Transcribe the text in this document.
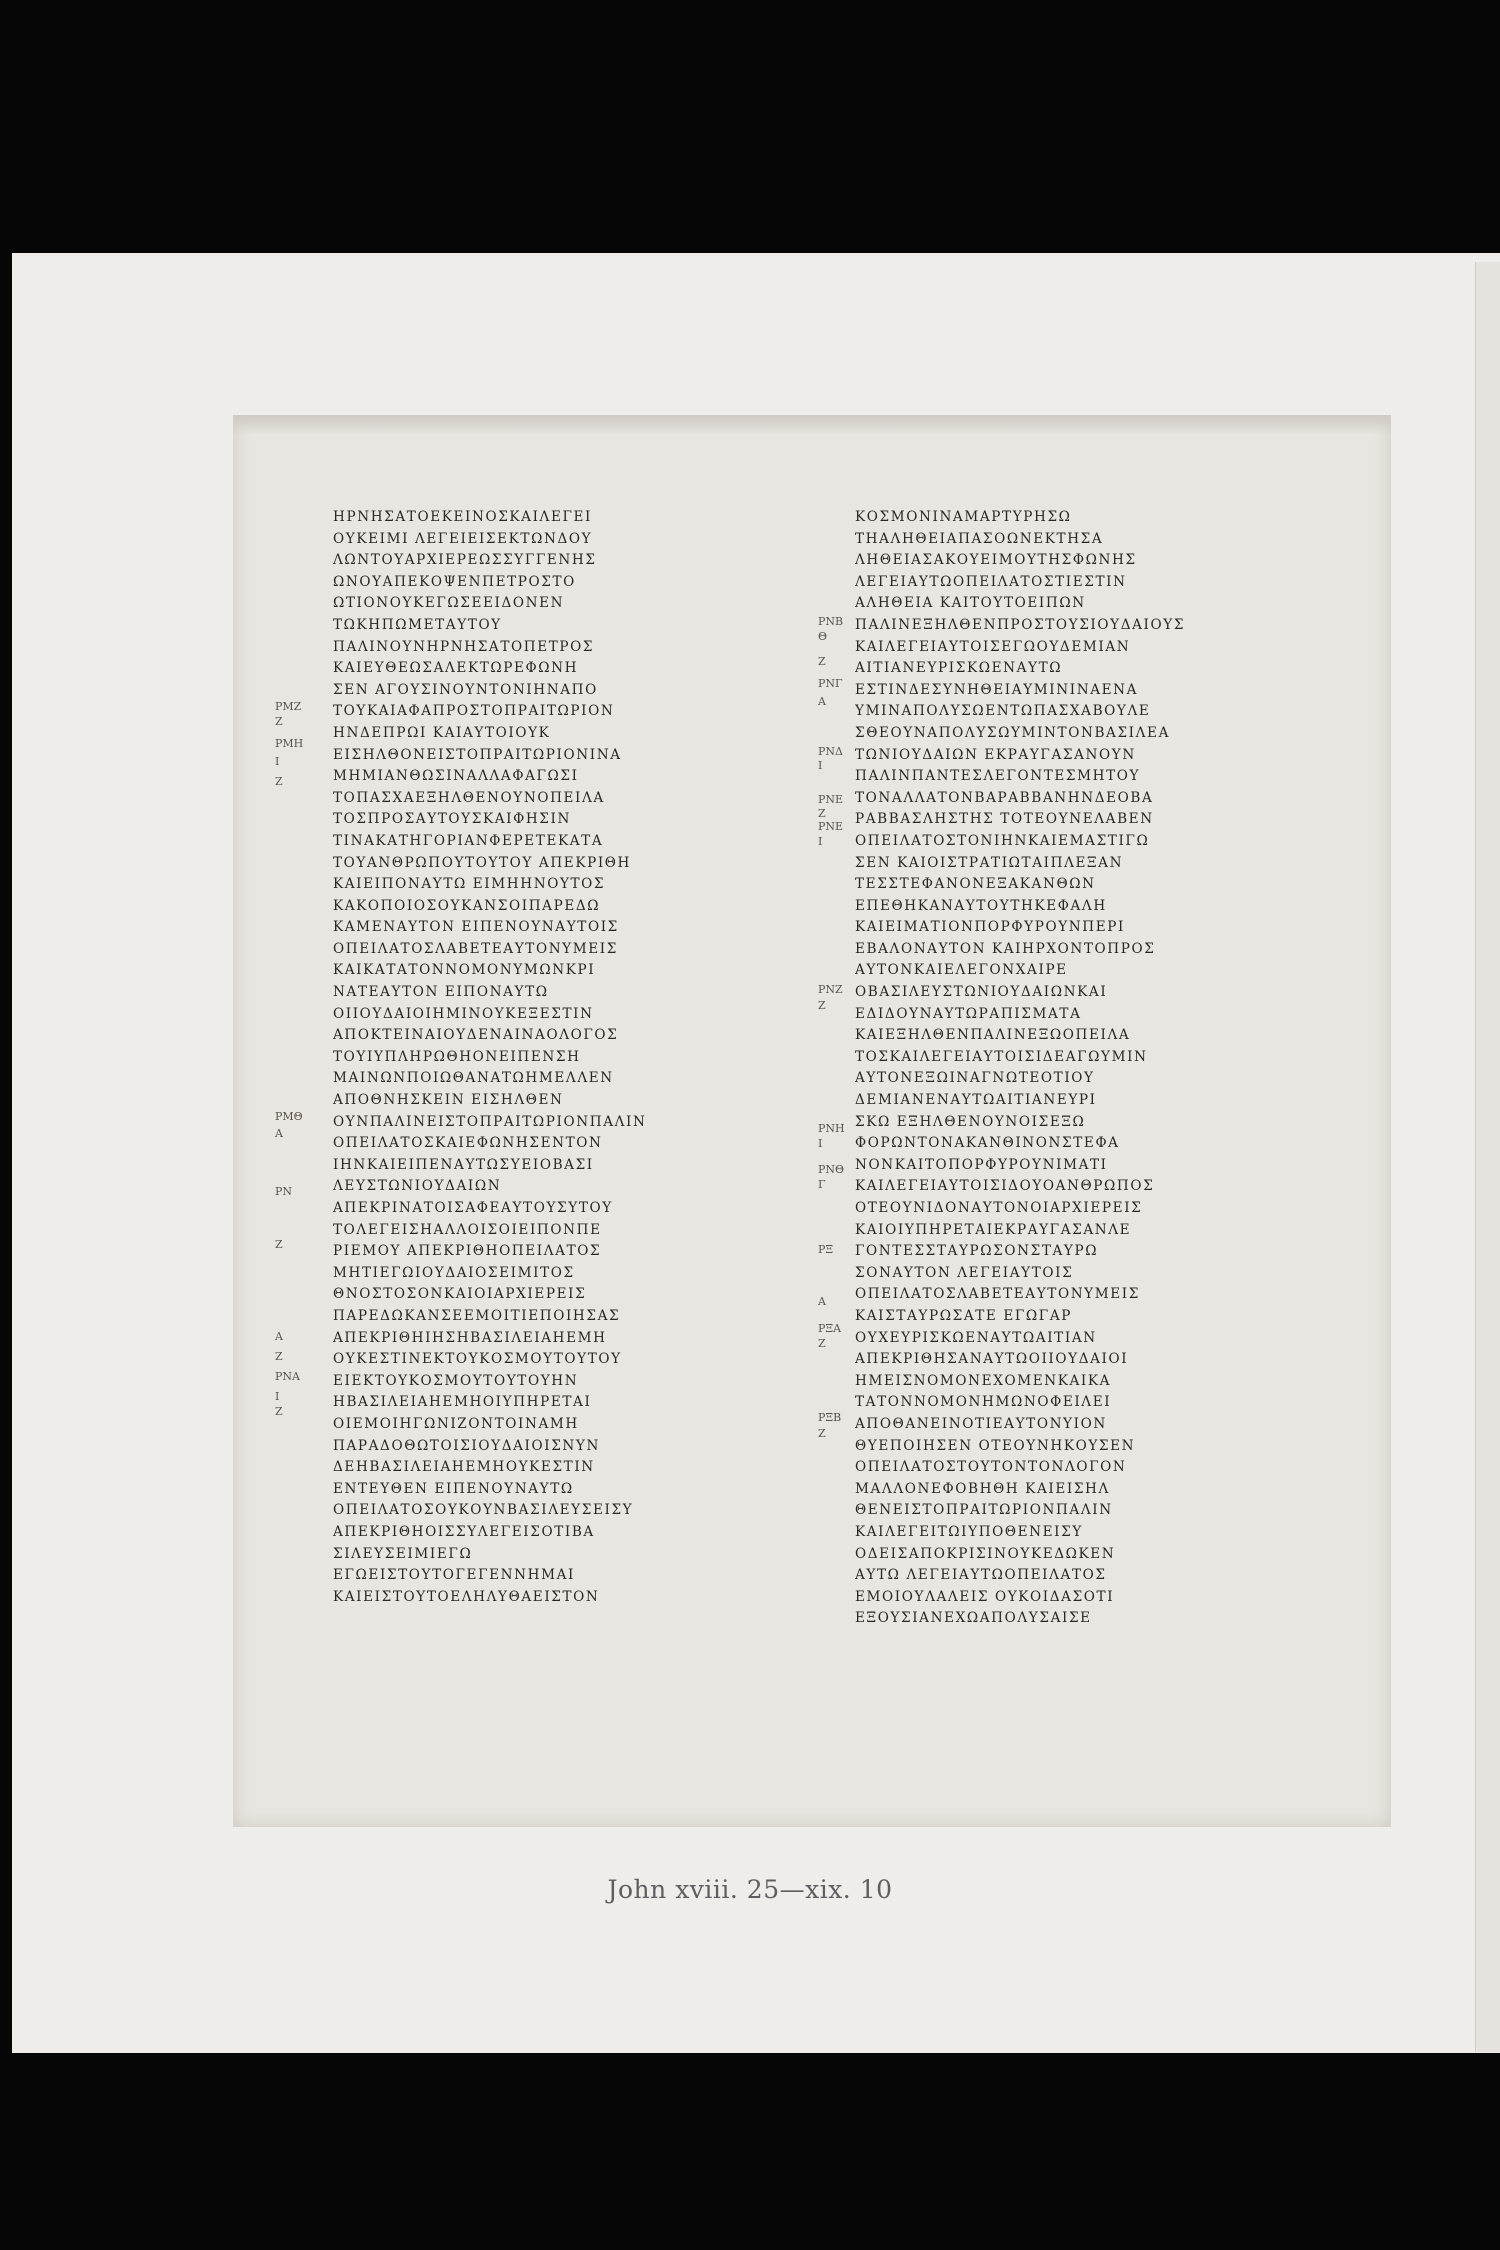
ΗΡΝΗΣΑΤΟΕΚΕΙΝΟΣΚΑΙΛΕΓΕΙ
ΟΥΚΕΙΜΙ ΛΕΓΕΙΕΙΣΕΚΤΩΝΔΟΥ
ΛΩΝΤΟΥΑΡΧΙΕΡΕΩΣΣΥΓΓΕΝΗΣ
ΩΝΟΥΑΠΕΚΟΨΕΝΠΕΤΡΟΣΤΟ
ΩΤΙΟΝΟΥΚΕΓΩΣΕΕΙΔΟΝΕΝ
ΤΩΚΗΠΩΜΕΤΑΥΤΟΥ
ΠΑΛΙΝΟΥΝΗΡΝΗΣΑΤΟΠΕΤΡΟΣ
ΚΑΙΕΥΘΕΩΣΑΛΕΚΤΩΡΕΦΩΝΗ
ΣΕΝ ΑΓΟΥΣΙΝΟΥΝΤΟΝΙΗΝΑΠΟ
ΤΟΥΚΑΙΑΦΑΠΡΟΣΤΟΠΡΑΙΤΩΡΙΟΝ
ΗΝΔΕΠΡΩΙ ΚΑΙΑΥΤΟΙΟΥΚ
ΕΙΣΗΛΘΟΝΕΙΣΤΟΠΡΑΙΤΩΡΙΟΝΙΝΑ
ΜΗΜΙΑΝΘΩΣΙΝΑΛΛΑΦΑΓΩΣΙ
ΤΟΠΑΣΧΑΕΞΗΛΘΕΝΟΥΝΟΠΕΙΛΑ
ΤΟΣΠΡΟΣΑΥΤΟΥΣΚΑΙΦΗΣΙΝ
ΤΙΝΑΚΑΤΗΓΟΡΙΑΝΦΕΡΕΤΕΚΑΤΑ
ΤΟΥΑΝΘΡΩΠΟΥΤΟΥΤΟΥ ΑΠΕΚΡΙΘΗ
ΚΑΙΕΙΠΟΝΑΥΤΩ ΕΙΜΗΗΝΟΥΤΟΣ
ΚΑΚΟΠΟΙΟΣΟΥΚΑΝΣΟΙΠΑΡΕΔΩ
ΚΑΜΕΝΑΥΤΟΝ ΕΙΠΕΝΟΥΝΑΥΤΟΙΣ
ΟΠΕΙΛΑΤΟΣΛΑΒΕΤΕΑΥΤΟΝΥΜΕΙΣ
ΚΑΙΚΑΤΑΤΟΝΝΟΜΟΝΥΜΩΝΚΡΙ
ΝΑΤΕΑΥΤΟΝ ΕΙΠΟΝΑΥΤΩ
ΟΙΙΟΥΔΑΙΟΙΗΜΙΝΟΥΚΕΞΕΣΤΙΝ
ΑΠΟΚΤΕΙΝΑΙΟΥΔΕΝΑΙΝΑΟΛΟΓΟΣ
ΤΟΥΙΥΠΛΗΡΩΘΗΟΝΕΙΠΕΝΣΗ
ΜΑΙΝΩΝΠΟΙΩΘΑΝΑΤΩΗΜΕΛΛΕΝ
ΑΠΟΘΝΗΣΚΕΙΝ ΕΙΣΗΛΘΕΝ
ΟΥΝΠΑΛΙΝΕΙΣΤΟΠΡΑΙΤΩΡΙΟΝΠΑΛΙΝ
ΟΠΕΙΛΑΤΟΣΚΑΙΕΦΩΝΗΣΕΝΤΟΝ
ΙΗΝΚΑΙΕΙΠΕΝΑΥΤΩΣΥΕΙΟΒΑΣΙ
ΛΕΥΣΤΩΝΙΟΥΔΑΙΩΝ
ΑΠΕΚΡΙΝΑΤΟΙΣΑΦΕΑΥΤΟΥΣΥΤΟΥ
ΤΟΛΕΓΕΙΣΗΑΛΛΟΙΣΟΙΕΙΠΟΝΠΕ
ΡΙΕΜΟΥ ΑΠΕΚΡΙΘΗΟΠΕΙΛΑΤΟΣ
ΜΗΤΙΕΓΩΙΟΥΔΑΙΟΣΕΙΜΙΤΟΣ
ΘΝΟΣΤΟΣΟΝΚΑΙΟΙΑΡΧΙΕΡΕΙΣ
ΠΑΡΕΔΩΚΑΝΣΕΕΜΟΙΤΙΕΠΟΙΗΣΑΣ
ΑΠΕΚΡΙΘΗΙΗΣΗΒΑΣΙΛΕΙΑΗΕΜΗ
ΟΥΚΕΣΤΙΝΕΚΤΟΥΚΟΣΜΟΥΤΟΥΤΟΥ
ΕΙΕΚΤΟΥΚΟΣΜΟΥΤΟΥΤΟΥΗΝ
ΗΒΑΣΙΛΕΙΑΗΕΜΗΟΙΥΠΗΡΕΤΑΙ
ΟΙΕΜΟΙΗΓΩΝΙΖΟΝΤΟΙΝΑΜΗ
ΠΑΡΑΔΟΘΩΤΟΙΣΙΟΥΔΑΙΟΙΣΝΥΝ
ΔΕΗΒΑΣΙΛΕΙΑΗΕΜΗΟΥΚΕΣΤΙΝ
ΕΝΤΕΥΘΕΝ ΕΙΠΕΝΟΥΝΑΥΤΩ
ΟΠΕΙΛΑΤΟΣΟΥΚΟΥΝΒΑΣΙΛΕΥΣΕΙΣΥ
ΑΠΕΚΡΙΘΗΟΙΣΣΥΛΕΓΕΙΣΟΤΙΒΑ
ΣΙΛΕΥΣΕΙΜΙΕΓΩ
ΕΓΩΕΙΣΤΟΥΤΟΓΕΓΕΝΝΗΜΑΙ
ΚΑΙΕΙΣΤΟΥΤΟΕΛΗΛΥΘΑΕΙΣΤΟΝ
ΚΟΣΜΟΝΙΝΑΜΑΡΤΥΡΗΣΩ
ΤΗΑΛΗΘΕΙΑΠΑΣΟΩΝΕΚΤΗΣΑ
ΛΗΘΕΙΑΣΑΚΟΥΕΙΜΟΥΤΗΣΦΩΝΗΣ
ΛΕΓΕΙΑΥΤΩΟΠΕΙΛΑΤΟΣΤΙΕΣΤΙΝ
ΑΛΗΘΕΙΑ ΚΑΙΤΟΥΤΟΕΙΠΩΝ
ΠΑΛΙΝΕΞΗΛΘΕΝΠΡΟΣΤΟΥΣΙΟΥΔΑΙΟΥΣ
ΚΑΙΛΕΓΕΙΑΥΤΟΙΣΕΓΩΟΥΔΕΜΙΑΝ
ΑΙΤΙΑΝΕΥΡΙΣΚΩΕΝΑΥΤΩ
ΕΣΤΙΝΔΕΣΥΝΗΘΕΙΑΥΜΙΝΙΝΑΕΝΑ
ΥΜΙΝΑΠΟΛΥΣΩΕΝΤΩΠΑΣΧΑΒΟΥΛΕ
ΣΘΕΟΥΝΑΠΟΛΥΣΩΥΜΙΝΤΟΝΒΑΣΙΛΕΑ
ΤΩΝΙΟΥΔΑΙΩΝ ΕΚΡΑΥΓΑΣΑΝΟΥΝ
ΠΑΛΙΝΠΑΝΤΕΣΛΕΓΟΝΤΕΣΜΗΤΟΥ
ΤΟΝΑΛΛΑΤΟΝΒΑΡΑΒΒΑΝΗΝΔΕΟΒΑ
ΡΑΒΒΑΣΛΗΣΤΗΣ ΤΟΤΕΟΥΝΕΛΑΒΕΝ
ΟΠΕΙΛΑΤΟΣΤΟΝΙΗΝΚΑΙΕΜΑΣΤΙΓΩ
ΣΕΝ ΚΑΙΟΙΣΤΡΑΤΙΩΤΑΙΠΛΕΞΑΝ
ΤΕΣΣΤΕΦΑΝΟΝΕΞΑΚΑΝΘΩΝ
ΕΠΕΘΗΚΑΝΑΥΤΟΥΤΗΚΕΦΑΛΗ
ΚΑΙΕΙΜΑΤΙΟΝΠΟΡΦΥΡΟΥΝΠΕΡΙ
ΕΒΑΛΟΝΑΥΤΟΝ ΚΑΙΗΡΧΟΝΤΟΠΡΟΣ
ΑΥΤΟΝΚΑΙΕΛΕΓΟΝΧΑΙΡΕ
ΟΒΑΣΙΛΕΥΣΤΩΝΙΟΥΔΑΙΩΝΚΑΙ
ΕΔΙΔΟΥΝΑΥΤΩΡΑΠΙΣΜΑΤΑ
ΚΑΙΕΞΗΛΘΕΝΠΑΛΙΝΕΞΩΟΠΕΙΛΑ
ΤΟΣΚΑΙΛΕΓΕΙΑΥΤΟΙΣΙΔΕΑΓΩΥΜΙΝ
ΑΥΤΟΝΕΞΩΙΝΑΓΝΩΤΕΟΤΙΟΥ
ΔΕΜΙΑΝΕΝΑΥΤΩΑΙΤΙΑΝΕΥΡΙ
ΣΚΩ ΕΞΗΛΘΕΝΟΥΝΟΙΣΕΞΩ
ΦΟΡΩΝΤΟΝΑΚΑΝΘΙΝΟΝΣΤΕΦΑ
ΝΟΝΚΑΙΤΟΠΟΡΦΥΡΟΥΝΙΜΑΤΙ
ΚΑΙΛΕΓΕΙΑΥΤΟΙΣΙΔΟΥΟΑΝΘΡΩΠΟΣ
ΟΤΕΟΥΝΙΔΟΝΑΥΤΟΝΟΙΑΡΧΙΕΡΕΙΣ
ΚΑΙΟΙΥΠΗΡΕΤΑΙΕΚΡΑΥΓΑΣΑΝΛΕ
ΓΟΝΤΕΣΣΤΑΥΡΩΣΟΝΣΤΑΥΡΩ
ΣΟΝΑΥΤΟΝ ΛΕΓΕΙΑΥΤΟΙΣ
ΟΠΕΙΛΑΤΟΣΛΑΒΕΤΕΑΥΤΟΝΥΜΕΙΣ
ΚΑΙΣΤΑΥΡΩΣΑΤΕ ΕΓΩΓΑΡ
ΟΥΧΕΥΡΙΣΚΩΕΝΑΥΤΩΑΙΤΙΑΝ
ΑΠΕΚΡΙΘΗΣΑΝΑΥΤΩΟΙΙΟΥΔΑΙΟΙ
ΗΜΕΙΣΝΟΜΟΝΕΧΟΜΕΝΚΑΙΚΑ
ΤΑΤΟΝΝΟΜΟΝΗΜΩΝΟΦΕΙΛΕΙ
ΑΠΟΘΑΝΕΙΝΟΤΙΕΑΥΤΟΝΥΙΟΝ
ΘΥΕΠΟΙΗΣΕΝ ΟΤΕΟΥΝΗΚΟΥΣΕΝ
ΟΠΕΙΛΑΤΟΣΤΟΥΤΟΝΤΟΝΛΟΓΟΝ
ΜΑΛΛΟΝΕΦΟΒΗΘΗ ΚΑΙΕΙΣΗΛ
ΘΕΝΕΙΣΤΟΠΡΑΙΤΩΡΙΟΝΠΑΛΙΝ
ΚΑΙΛΕΓΕΙΤΩΙΥΠΟΘΕΝΕΙΣΥ
ΟΔΕΙΣΑΠΟΚΡΙΣΙΝΟΥΚΕΔΩΚΕΝ
ΑΥΤΩ ΛΕΓΕΙΑΥΤΩΟΠΕΙΛΑΤΟΣ
ΕΜΟΙΟΥΛΑΛΕΙΣ ΟΥΚΟΙΔΑΣΟΤΙ
ΕΞΟΥΣΙΑΝΕΧΩΑΠΟΛΥΣΑΙΣΕ
ΡΜΖ
Ζ
ΡΜΗ
Ι
Ζ
ΡΜΘ
Α
ΡΝ
Ζ
Α
Ζ
ΡΝΑ
Ι
Ζ
ΡΝΒ
Θ
Ζ
ΡΝΓ
Α
ΡΝΔ
Ι
ΡΝΕ
Ζ
ΡΝΕ
Ι
ΡΝΖ
Ζ
ΡΝΗ
Ι
ΡΝΘ
Γ
ΡΞ
Α
ΡΞΑ
Ζ
ΡΞΒ
Ζ
John xviii. 25—xix. 10
